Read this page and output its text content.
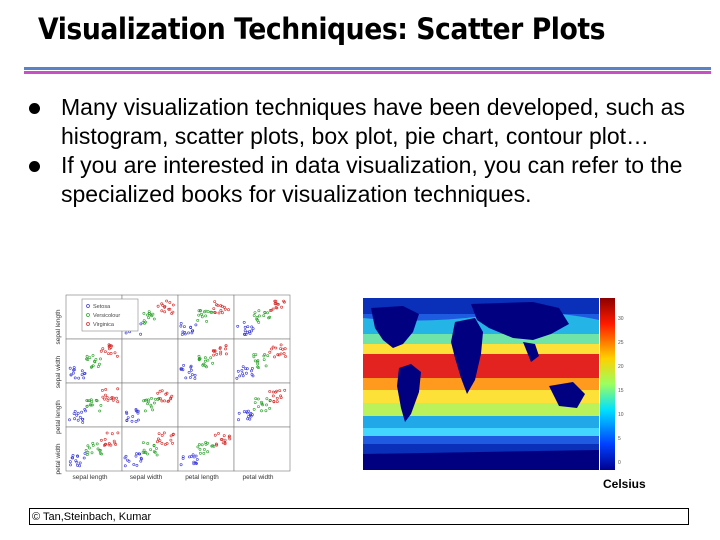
Visualization Techniques: Scatter Plots
Many visualization techniques have been developed, such as histogram, scatter plots, box plot, pie chart, contour plot…
If you are interested in data visualization, you can refer to the specialized books for visualization techniques.
Setosa
Versicolour
Virginica
sepal length
sepal width
petal length
petal width
sepal length	sepal width	petal length	petal width
30
25
20
15
10
5
0
Celsius
© Tan,Steinbach, Kumar
